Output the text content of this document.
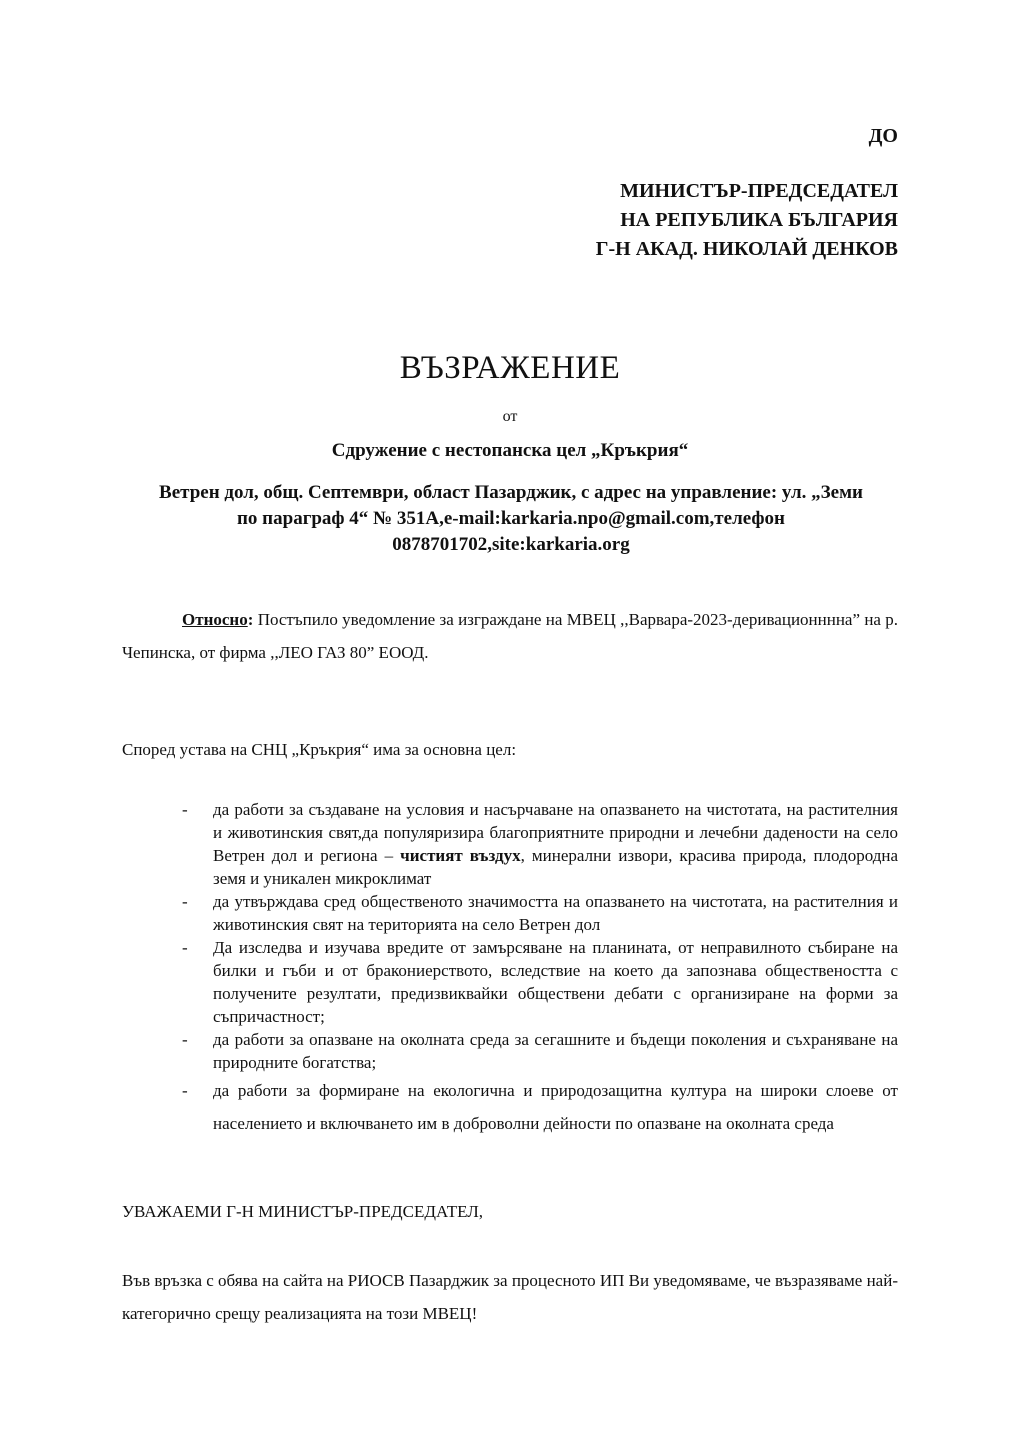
ДО

МИНИСТЪР-ПРЕДСЕДАТЕЛ
НА РЕПУБЛИКА БЪЛГАРИЯ
Г-Н АКАД. НИКОЛАЙ ДЕНКОВ
ВЪЗРАЖЕНИЕ

от

Сдружение с нестопанска цел „Кръкрия“

Ветрен дол, общ. Септември, област Пазарджик, с адрес на управление: ул. „Земи
по параграф 4“ № 351А,e-mail:karkaria.npo@gmail.com,телефон
0878701702,site:karkaria.org

Относно: Постъпило уведомление за изграждане на МВЕЦ ,,Варвара-2023-деривационннна” на р. Чепинска, от фирма ,,ЛЕО ГАЗ 80” ЕООД.

Според устава на СНЦ „Кръкрия“ има за основна цел:

- да работи за създаване на условия и насърчаване на опазването на чистотата, на растителния и животинския свят,да популяризира благоприятните природни и лечебни дадености на село Ветрен дол и региона – чистият въздух, минерални извори, красива природа, плодородна земя и уникален микроклимат
- да утвърждава сред общественото значимостта на опазването на чистотата, на растителния и животинския свят на територията на село Ветрен дол
- Да изследва и изучава вредите от замърсяване на планината, от неправилното събиране на билки и гъби и от бракониерството, вследствие на което да запознава обществеността с получените резултати, предизвиквайки обществени дебати с организиране на форми за съпричастност;
- да работи за опазване на околната среда за сегашните и бъдещи поколения и съхраняване на природните богатства;
- да работи за формиране на екологична и природозащитна култура на широки слоеве от населението и включването им в доброволни дейности по опазване на околната среда

УВАЖАЕМИ Г-Н МИНИСТЪР-ПРЕДСЕДАТЕЛ,

Във връзка с обява на сайта на РИОСВ Пазарджик за процесното ИП Ви уведомяваме, че възразяваме най-категорично срещу реализацията на този МВЕЦ!
